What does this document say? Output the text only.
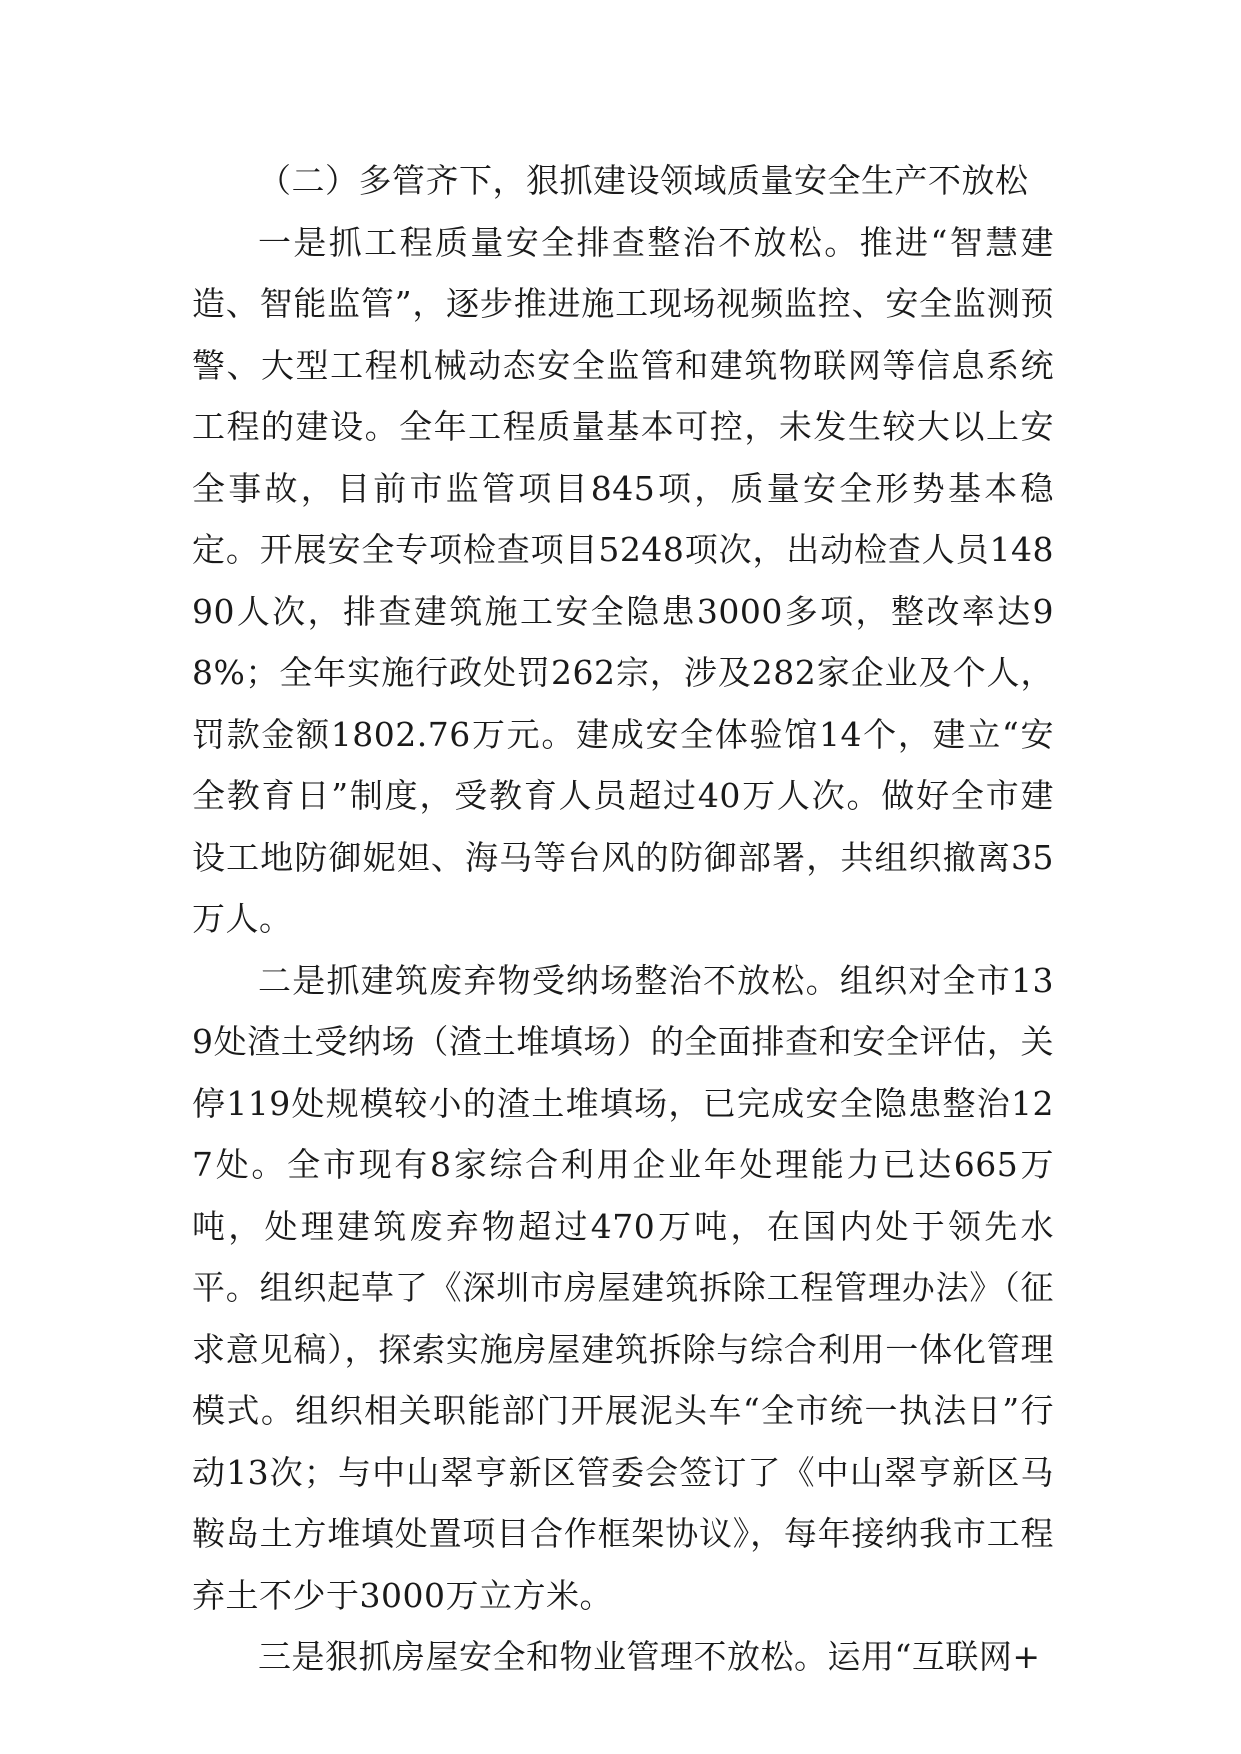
（二）多管齐下，狠抓建设领域质量安全生产不放松

一是抓工程质量安全排查整治不放松。推进“智慧建造、智能监管”，逐步推进施工现场视频监控、安全监测预警、大型工程机械动态安全监管和建筑物联网等信息系统工程的建设。全年工程质量基本可控，未发生较大以上安全事故，目前市监管项目845项，质量安全形势基本稳定。开展安全专项检查项目5248项次，出动检查人员14890人次，排查建筑施工安全隐患3000多项，整改率达98%；全年实施行政处罚262宗，涉及282家企业及个人，罚款金额1802.76万元。建成安全体验馆14个，建立“安全教育日”制度，受教育人员超过40万人次。做好全市建设工地防御妮妲、海马等台风的防御部署，共组织撤离35万人。

二是抓建筑废弃物受纳场整治不放松。组织对全市139处渣土受纳场（渣土堆填场）的全面排查和安全评估，关停119处规模较小的渣土堆填场，已完成安全隐患整治127处。全市现有8家综合利用企业年处理能力已达665万吨，处理建筑废弃物超过470万吨，在国内处于领先水平。组织起草了《深圳市房屋建筑拆除工程管理办法》（征求意见稿），探索实施房屋建筑拆除与综合利用一体化管理模式。组织相关职能部门开展泥头车“全市统一执法日”行动13次；与中山翠亨新区管委会签订了《中山翠亨新区马鞍岛土方堆填处置项目合作框架协议》，每年接纳我市工程弃土不少于3000万立方米。

三是狠抓房屋安全和物业管理不放松。运用“互联网+
